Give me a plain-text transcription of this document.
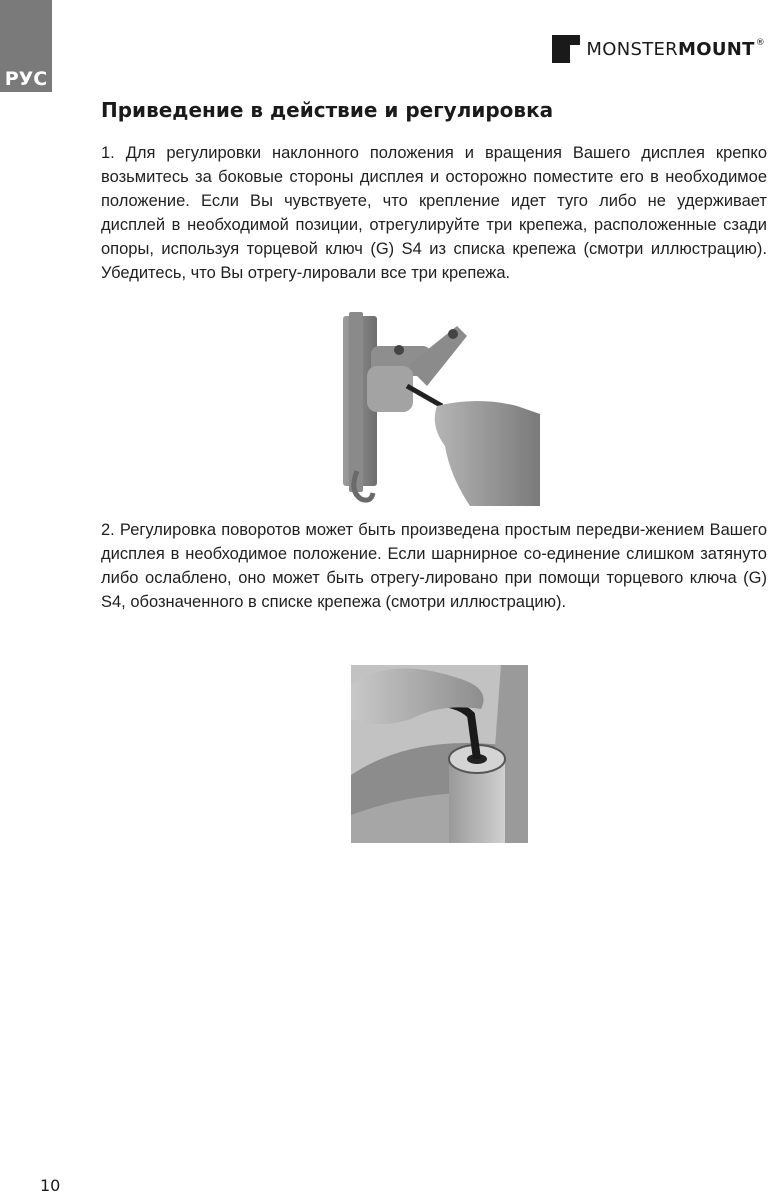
РУС
MONSTERMOUNT®
Приведение в действие и регулировка

1. Для регулировки наклонного положения и вращения Вашего дисплея крепко возьмитесь за боковые стороны дисплея и осторожно поместите его в необходимое положение. Если Вы чувствуете, что крепление идет туго либо не удерживает дисплей в необходимой позиции, отрегулируйте три крепежа, расположенные сзади опоры, используя торцевой ключ (G) S4 из списка крепежа (смотри иллюстрацию). Убедитесь, что Вы отрегу-лировали все три крепежа.

2. Регулировка поворотов может быть произведена простым передви-жением Вашего дисплея в необходимое положение. Если шарнирное со-единение слишком затянуто либо ослаблено, оно может быть отрегу-лировано при помощи торцевого ключа (G) S4, обозначенного в списке крепежа (смотри иллюстрацию).

10
